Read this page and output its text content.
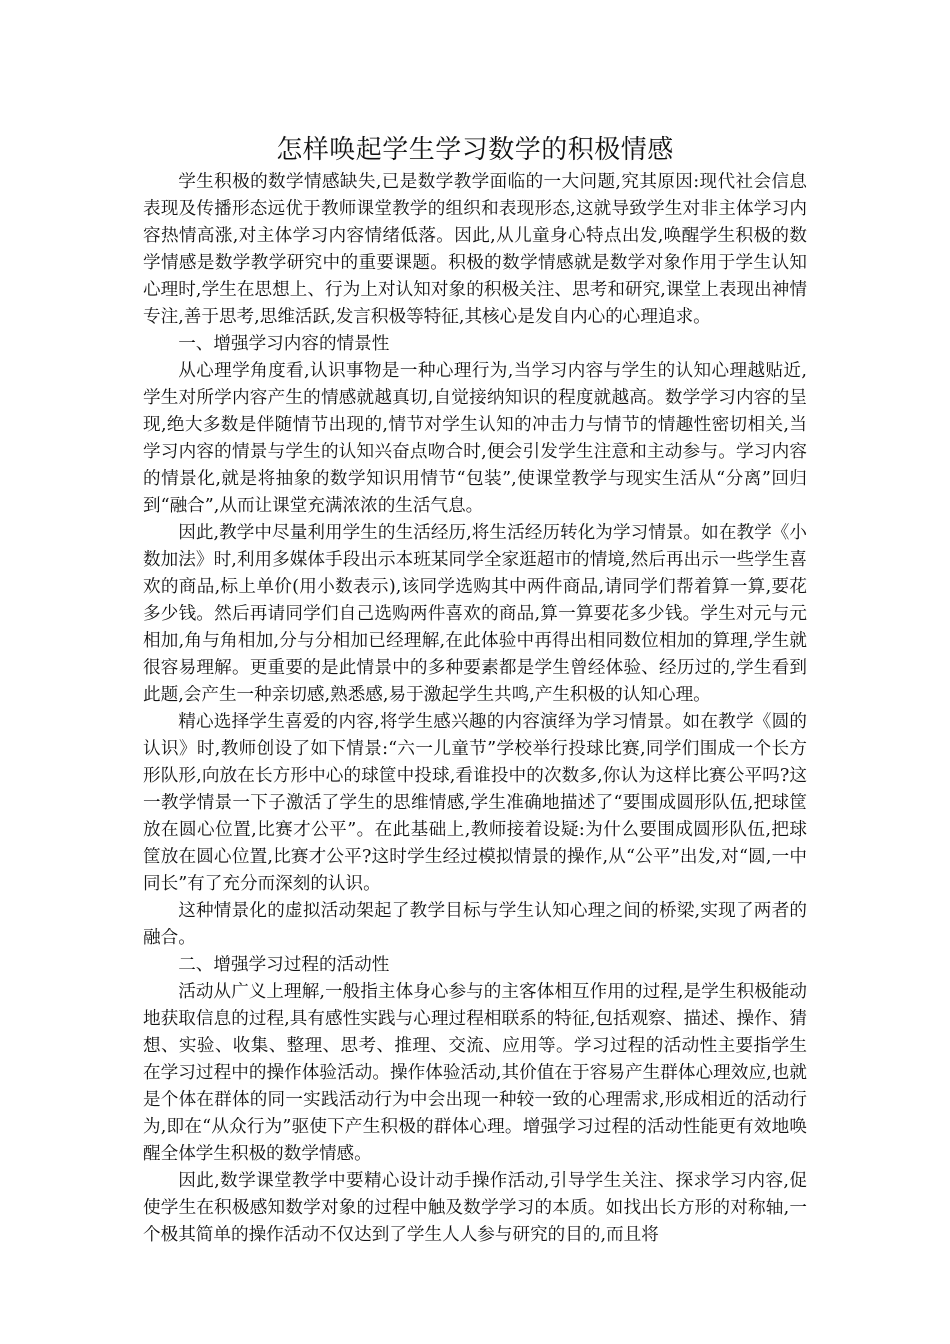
怎样唤起学生学习数学的积极情感

学生积极的数学情感缺失,已是数学教学面临的一大问题,究其原因:现代社会信息表现及传播形态远优于教师课堂教学的组织和表现形态,这就导致学生对非主体学习内容热情高涨,对主体学习内容情绪低落。因此,从儿童身心特点出发,唤醒学生积极的数学情感是数学教学研究中的重要课题。积极的数学情感就是数学对象作用于学生认知心理时,学生在思想上、行为上对认知对象的积极关注、思考和研究,课堂上表现出神情专注,善于思考,思维活跃,发言积极等特征,其核心是发自内心的心理追求。

一、增强学习内容的情景性

从心理学角度看,认识事物是一种心理行为,当学习内容与学生的认知心理越贴近,学生对所学内容产生的情感就越真切,自觉接纳知识的程度就越高。数学学习内容的呈现,绝大多数是伴随情节出现的,情节对学生认知的冲击力与情节的情趣性密切相关,当学习内容的情景与学生的认知兴奋点吻合时,便会引发学生注意和主动参与。学习内容的情景化,就是将抽象的数学知识用情节“包装”,使课堂教学与现实生活从“分离”回归到“融合”,从而让课堂充满浓浓的生活气息。

因此,教学中尽量利用学生的生活经历,将生活经历转化为学习情景。如在教学《小数加法》时,利用多媒体手段出示本班某同学全家逛超市的情境,然后再出示一些学生喜欢的商品,标上单价(用小数表示),该同学选购其中两件商品,请同学们帮着算一算,要花多少钱。然后再请同学们自己选购两件喜欢的商品,算一算要花多少钱。学生对元与元相加,角与角相加,分与分相加已经理解,在此体验中再得出相同数位相加的算理,学生就很容易理解。更重要的是此情景中的多种要素都是学生曾经体验、经历过的,学生看到此题,会产生一种亲切感,熟悉感,易于激起学生共鸣,产生积极的认知心理。

精心选择学生喜爱的内容,将学生感兴趣的内容演绎为学习情景。如在教学《圆的认识》时,教师创设了如下情景:“六一儿童节”学校举行投球比赛,同学们围成一个长方形队形,向放在长方形中心的球筐中投球,看谁投中的次数多,你认为这样比赛公平吗?这一教学情景一下子激活了学生的思维情感,学生准确地描述了“要围成圆形队伍,把球筐放在圆心位置,比赛才公平”。在此基础上,教师接着设疑:为什么要围成圆形队伍,把球筐放在圆心位置,比赛才公平?这时学生经过模拟情景的操作,从“公平”出发,对“圆,一中同长”有了充分而深刻的认识。

这种情景化的虚拟活动架起了教学目标与学生认知心理之间的桥梁,实现了两者的融合。

二、增强学习过程的活动性

活动从广义上理解,一般指主体身心参与的主客体相互作用的过程,是学生积极能动地获取信息的过程,具有感性实践与心理过程相联系的特征,包括观察、描述、操作、猜想、实验、收集、整理、思考、推理、交流、应用等。学习过程的活动性主要指学生在学习过程中的操作体验活动。操作体验活动,其价值在于容易产生群体心理效应,也就是个体在群体的同一实践活动行为中会出现一种较一致的心理需求,形成相近的活动行为,即在“从众行为”驱使下产生积极的群体心理。增强学习过程的活动性能更有效地唤醒全体学生积极的数学情感。

因此,数学课堂教学中要精心设计动手操作活动,引导学生关注、探求学习内容,促使学生在积极感知数学对象的过程中触及数学学习的本质。如找出长方形的对称轴,一个极其简单的操作活动不仅达到了学生人人参与研究的目的,而且将
